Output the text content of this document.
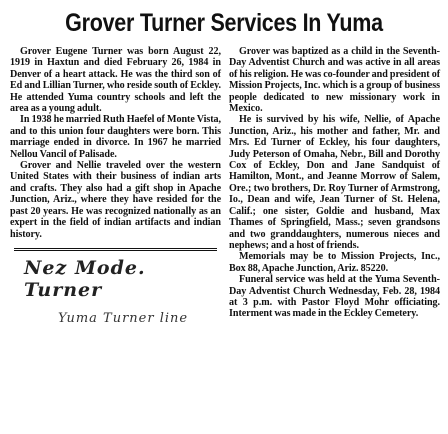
Grover Turner Services In Yuma

Grover Eugene Turner was born August 22, 1919 in Haxtun and died February 26, 1984 in Denver of a heart attack. He was the third son of Ed and Lillian Turner, who reside south of Eckley. He attended Yuma country schools and left the area as a young adult.

In 1938 he married Ruth Haefel of Monte Vista, and to this union four daughters were born. This marriage ended in divorce. In 1967 he married Nellou Vancil of Palisade.

Grover and Nellie traveled over the western United States with their business of indian arts and crafts. They also had a gift shop in Apache Junction, Ariz., where they have resided for the past 20 years. He was recognized nationally as an expert in the field of indian artifacts and indian history.

Nez Mode. Turner
Yuma Turner line

Grover was baptized as a child in the Seventh-Day Adventist Church and was active in all areas of his religion. He was co-founder and president of Mission Projects, Inc. which is a group of business people dedicated to new missionary work in Mexico.

He is survived by his wife, Nellie, of Apache Junction, Ariz., his mother and father, Mr. and Mrs. Ed Turner of Eckley, his four daughters, Judy Peterson of Omaha, Nebr., Bill and Dorothy Cox of Eckley, Don and Jane Sandquist of Hamilton, Mont., and Jeanne Morrow of Salem, Ore.; two brothers, Dr. Roy Turner of Armstrong, Io., Dean and wife, Jean Turner of St. Helena, Calif.; one sister, Goldie and husband, Max Thames of Springfield, Mass.; seven grandsons and two granddaughters, numerous nieces and nephews; and a host of friends.

Memorials may be to Mission Projects, Inc., Box 88, Apache Junction, Ariz. 85220.

Funeral service was held at the Yuma Seventh-Day Adventist Church Wednesday, Feb. 28, 1984 at 3 p.m. with Pastor Floyd Mohr officiating. Interment was made in the Eckley Cemetery.
